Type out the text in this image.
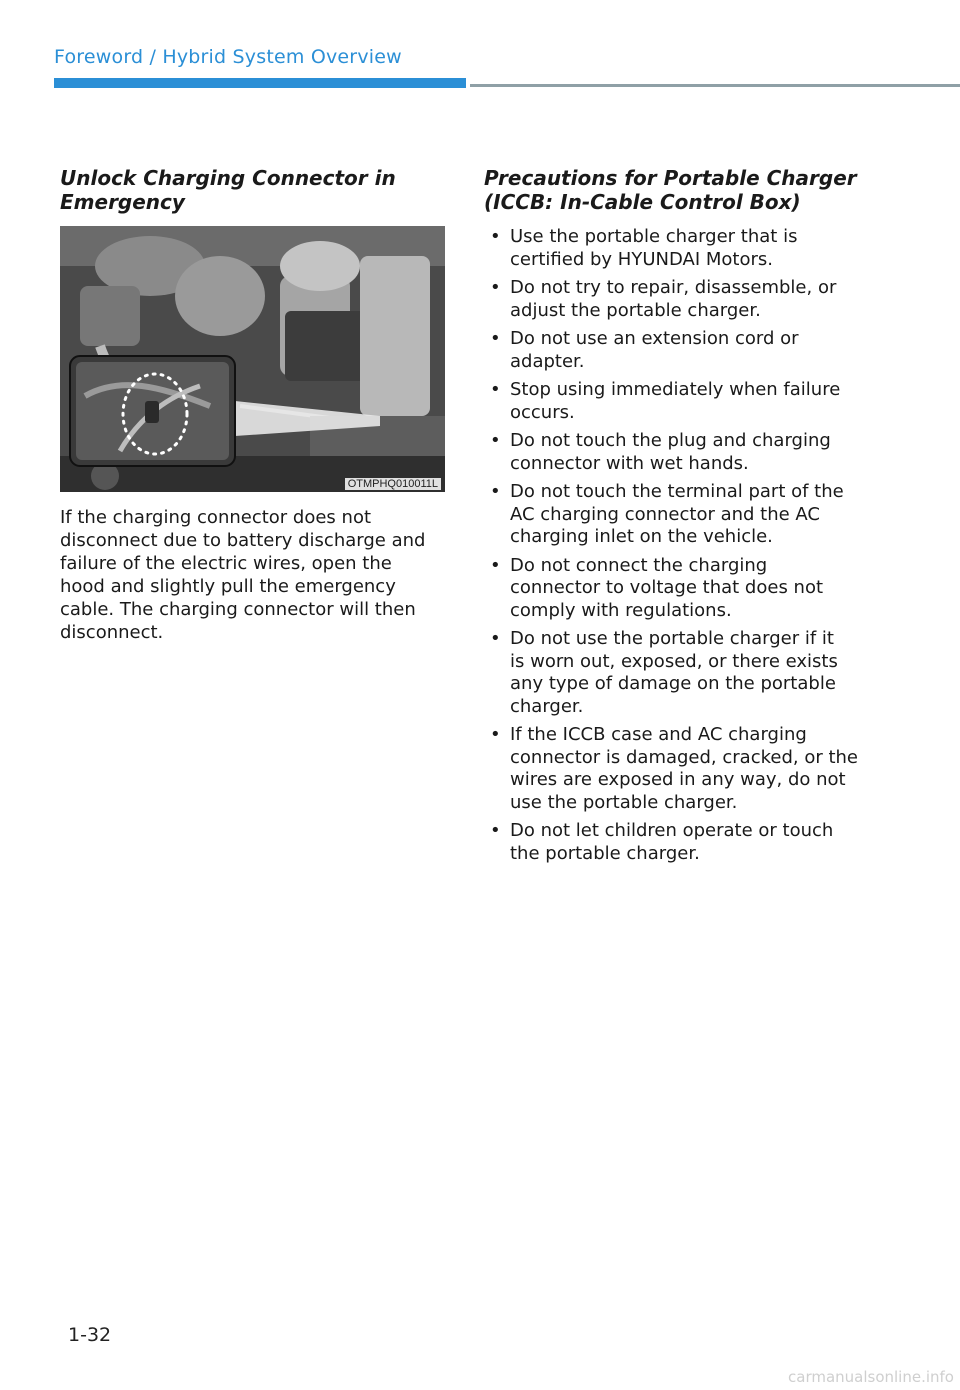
Foreword / Hybrid System Overview
Unlock Charging Connector in
Emergency
OTMPHQ010011L

If the charging connector does not
disconnect due to battery discharge and
failure of the electric wires, open the
hood and slightly pull the emergency
cable. The charging connector will then
disconnect.

Precautions for Portable Charger
(ICCB: In-Cable Control Box)
• Use the portable charger that is
certified by HYUNDAI Motors.
• Do not try to repair, disassemble, or
adjust the portable charger.
• Do not use an extension cord or
adapter.
• Stop using immediately when failure
occurs.
• Do not touch the plug and charging
connector with wet hands.
• Do not touch the terminal part of the
AC charging connector and the AC
charging inlet on the vehicle.
• Do not connect the charging
connector to voltage that does not
comply with regulations.
• Do not use the portable charger if it
is worn out, exposed, or there exists
any type of damage on the portable
charger.
• If the ICCB case and AC charging
connector is damaged, cracked, or the
wires are exposed in any way, do not
use the portable charger.
• Do not let children operate or touch
the portable charger.
1-32
carmanualsonline.info
